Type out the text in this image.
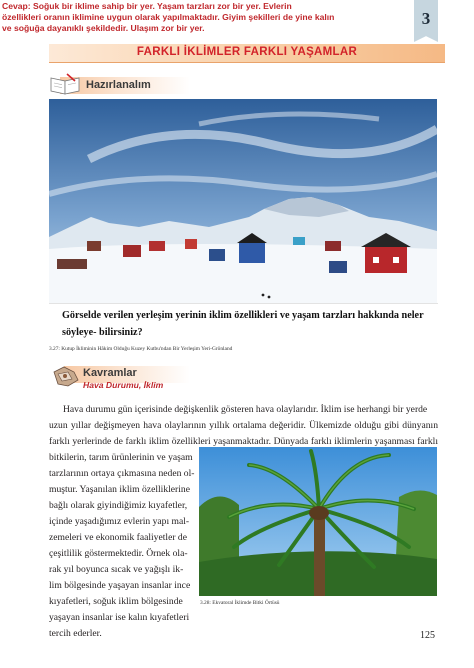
Cevap: Soğuk bir iklime sahip bir yer. Yaşam tarzları zor bir yer. Evlerin
özellikleri oranın iklimine uygun olarak yapılmaktadır. Giyim şekilleri de yine kalın
ve soğuğa dayanıklı şekildedir. Ulaşım zor bir yer.	3
FARKLI İKLİMLER FARKLI YAŞAMLAR
Hazırlanalım
Görselde verilen yerleşim yerinin iklim özellikleri ve yaşam tarzları hakkında neler söyleye- bilirsiniz?
3.27: Kutup İkliminin Hâkim Olduğu Kuzey Kutbu'ndan Bir Yerleşim Yeri-Grönland
Kavramlar
Hava Durumu, İklim
Hava durumu gün içerisinde değişkenlik gösteren hava olaylarıdır. İklim ise herhangi bir yerde
uzun yıllar değişmeyen hava olaylarının yıllık ortalama değeridir. Ülkemizde olduğu gibi dünyanın
farklı yerlerinde de farklı iklim özellikleri yaşanmaktadır. Dünyada farklı iklimlerin yaşanması farklı
bitkilerin, tarım ürünlerinin ve yaşam
tarzlarının ortaya çıkmasına neden ol-
muştur. Yaşanılan iklim özelliklerine
bağlı olarak giyindiğimiz kıyafetler,
içinde yaşadığımız evlerin yapı mal-
zemeleri ve ekonomik faaliyetler de
çeşitlilik göstermektedir. Örnek ola-
rak yıl boyunca sıcak ve yağışlı ik-
lim bölgesinde yaşayan insanlar ince
kıyafetleri, soğuk iklim bölgesinde
yaşayan insanlar ise kalın kıyafetleri
tercih ederler.
3.28: Ekvatoral İklimde Bitki Örtüsü
125
